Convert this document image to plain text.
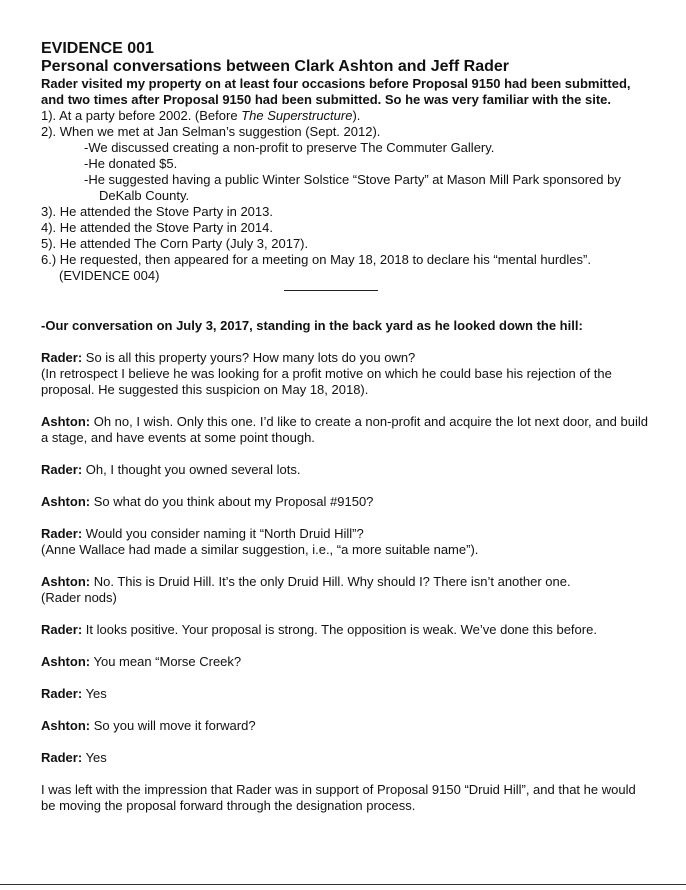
EVIDENCE 001

Personal conversations between Clark Ashton and Jeff Rader

Rader visited my property on at least four occasions before Proposal 9150 had been submitted, and two times after Proposal 9150 had been submitted. So he was very familiar with the site.

1). At a party before 2002. (Before The Superstructure).

2). When we met at Jan Selman’s suggestion (Sept. 2012).

-We discussed creating a non-profit to preserve The Commuter Gallery.

-He donated $5.

-He suggested having a public Winter Solstice “Stove Party” at Mason Mill Park sponsored by

DeKalb County.

3). He attended the Stove Party in 2013.

4). He attended the Stove Party in 2014.

5). He attended The Corn Party (July 3, 2017).

6.) He requested, then appeared for a meeting on May 18, 2018 to declare his “mental hurdles”.

(EVIDENCE 004)

-Our conversation on July 3, 2017, standing in the back yard as he looked down the hill:

Rader: So is all this property yours? How many lots do you own?

(In retrospect I believe he was looking for a profit motive on which he could base his rejection of the proposal. He suggested this suspicion on May 18, 2018).

Ashton: Oh no, I wish. Only this one. I’d like to create a non-profit and acquire the lot next door, and build a stage, and have events at some point though.

Rader: Oh, I thought you owned several lots.

Ashton: So what do you think about my Proposal #9150?

Rader: Would you consider naming it “North Druid Hill”?

(Anne Wallace had made a similar suggestion, i.e., “a more suitable name”).

Ashton: No. This is Druid Hill. It’s the only Druid Hill. Why should I? There isn’t another one.

(Rader nods)

Rader: It looks positive. Your proposal is strong. The opposition is weak. We’ve done this before.

Ashton: You mean “Morse Creek?

Rader: Yes

Ashton: So you will move it forward?

Rader: Yes

I was left with the impression that Rader was in support of Proposal 9150 “Druid Hill”, and that he would be moving the proposal forward through the designation process.
